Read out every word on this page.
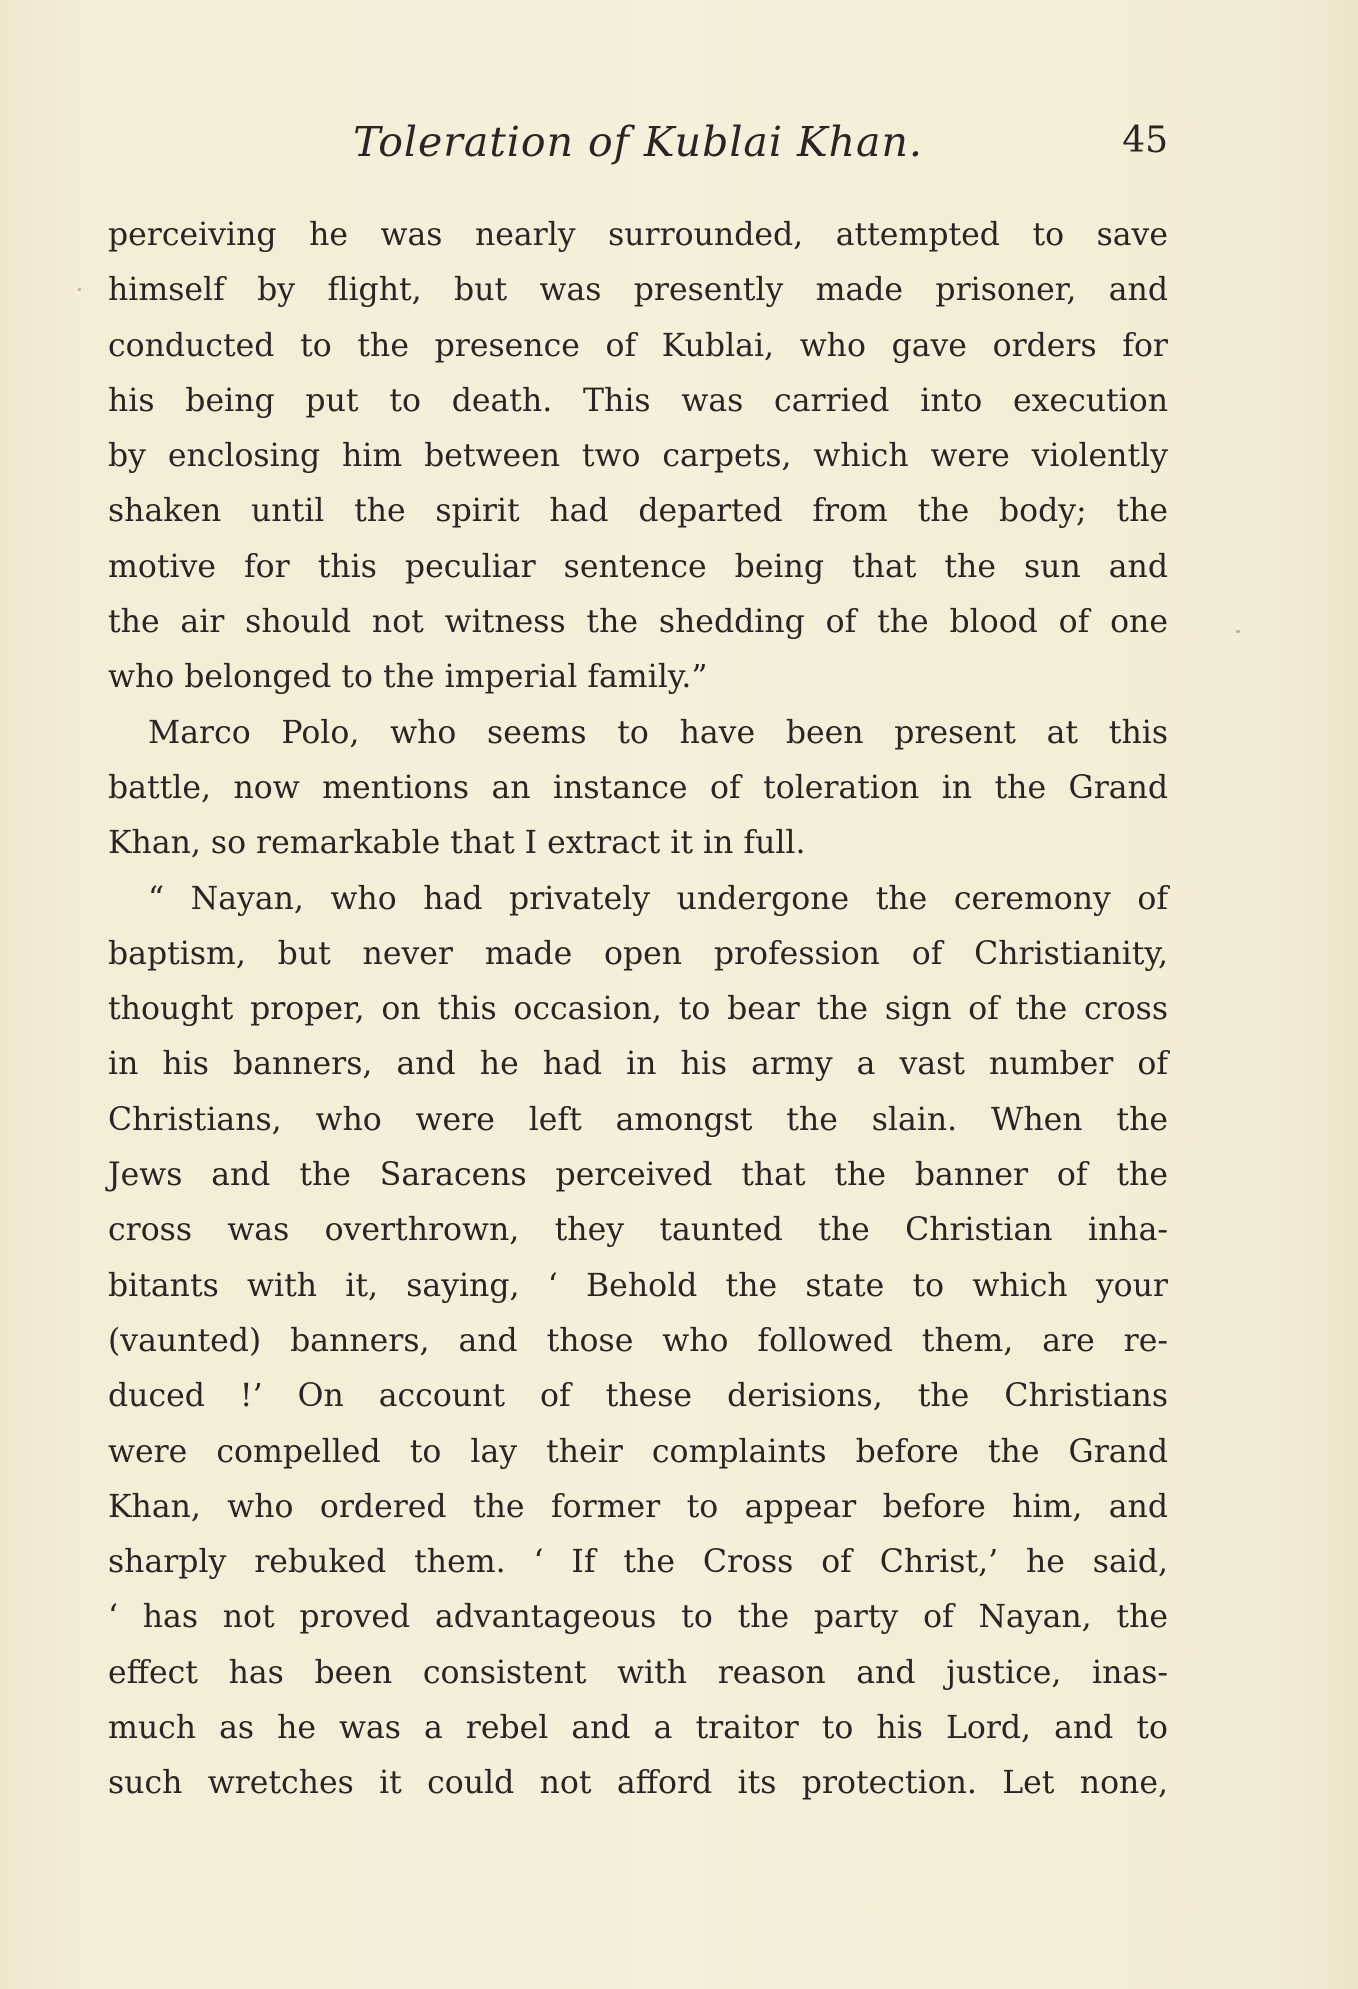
Toleration of Kublai Khan.	45
perceiving he was nearly surrounded, attempted to save
himself by flight, but was presently made prisoner, and
conducted to the presence of Kublai, who gave orders for
his being put to death. This was carried into execution
by enclosing him between two carpets, which were violently
shaken until the spirit had departed from the body; the
motive for this peculiar sentence being that the sun and
the air should not witness the shedding of the blood of one
who belonged to the imperial family.”
Marco Polo, who seems to have been present at this
battle, now mentions an instance of toleration in the Grand
Khan, so remarkable that I extract it in full.
“ Nayan, who had privately undergone the ceremony of
baptism, but never made open profession of Christianity,
thought proper, on this occasion, to bear the sign of the cross
in his banners, and he had in his army a vast number of
Christians, who were left amongst the slain. When the
Jews and the Saracens perceived that the banner of the
cross was overthrown, they taunted the Christian inha-
bitants with it, saying, ‘ Behold the state to which your
(vaunted) banners, and those who followed them, are re-
duced !’ On account of these derisions, the Christians
were compelled to lay their complaints before the Grand
Khan, who ordered the former to appear before him, and
sharply rebuked them. ‘ If the Cross of Christ,’ he said,
‘ has not proved advantageous to the party of Nayan, the
effect has been consistent with reason and justice, inas-
much as he was a rebel and a traitor to his Lord, and to
such wretches it could not afford its protection. Let none,
